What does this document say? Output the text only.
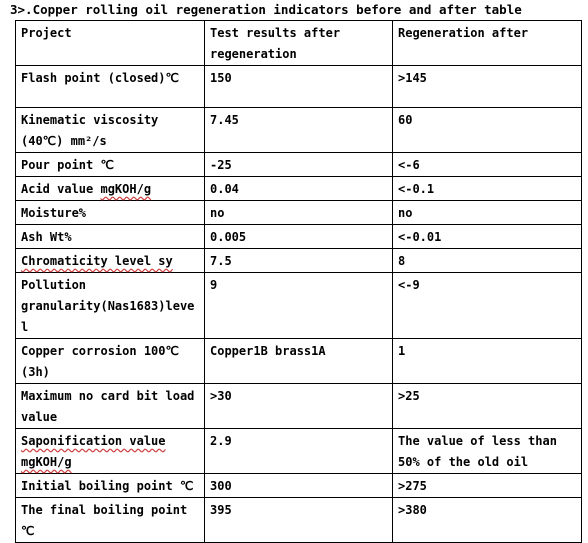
3>.Copper rolling oil regeneration indicators before and after table
Project	Test results after regeneration	Regeneration after
Flash point (closed)℃	150	>145
Kinematic viscosity (40℃) mm²/s	7.45	60
Pour point ℃	-25	<-6
Acid value mgKOH/g	0.04	<-0.1
Moisture%	no	no
Ash Wt%	0.005	<-0.01
Chromaticity level sy	7.5	8
Pollution granularity(Nas1683)level	9	<-9
Copper corrosion 100℃ (3h)	Copper1B brass1A	1
Maximum no card bit load value	>30	>25
Saponification value mgKOH/g	2.9	The value of less than 50% of the old oil
Initial boiling point ℃	300	>275
The final boiling point ℃	395	>380
